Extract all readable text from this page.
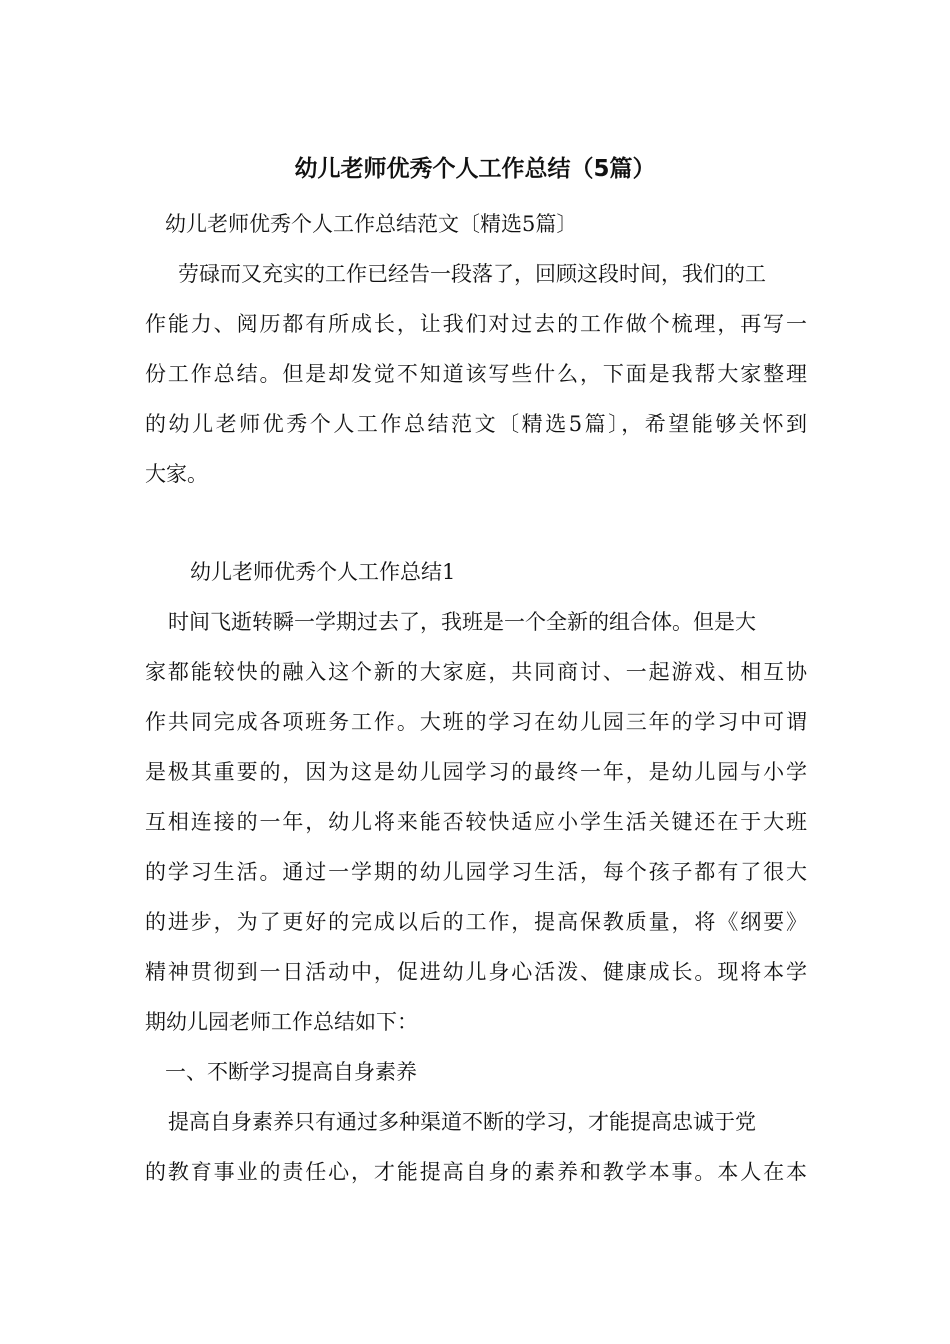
幼儿老师优秀个人工作总结（5篇）

幼儿老师优秀个人工作总结范文〔精选5篇〕

劳碌而又充实的工作已经告一段落了，回顾这段时间，我们的工

作能力、阅历都有所成长，让我们对过去的工作做个梳理，再写一

份工作总结。但是却发觉不知道该写些什么，下面是我帮大家整理

的幼儿老师优秀个人工作总结范文〔精选5篇〕，希望能够关怀到

大家。

幼儿老师优秀个人工作总结1

时间飞逝转瞬一学期过去了，我班是一个全新的组合体。但是大

家都能较快的融入这个新的大家庭，共同商讨、一起游戏、相互协

作共同完成各项班务工作。大班的学习在幼儿园三年的学习中可谓

是极其重要的，因为这是幼儿园学习的最终一年，是幼儿园与小学

互相连接的一年，幼儿将来能否较快适应小学生活关键还在于大班

的学习生活。通过一学期的幼儿园学习生活，每个孩子都有了很大

的进步，为了更好的完成以后的工作，提高保教质量，将《纲要》

精神贯彻到一日活动中，促进幼儿身心活泼、健康成长。现将本学

期幼儿园老师工作总结如下：

一、不断学习提高自身素养

提高自身素养只有通过多种渠道不断的学习，才能提高忠诚于党

的教育事业的责任心，才能提高自身的素养和教学本事。本人在本
